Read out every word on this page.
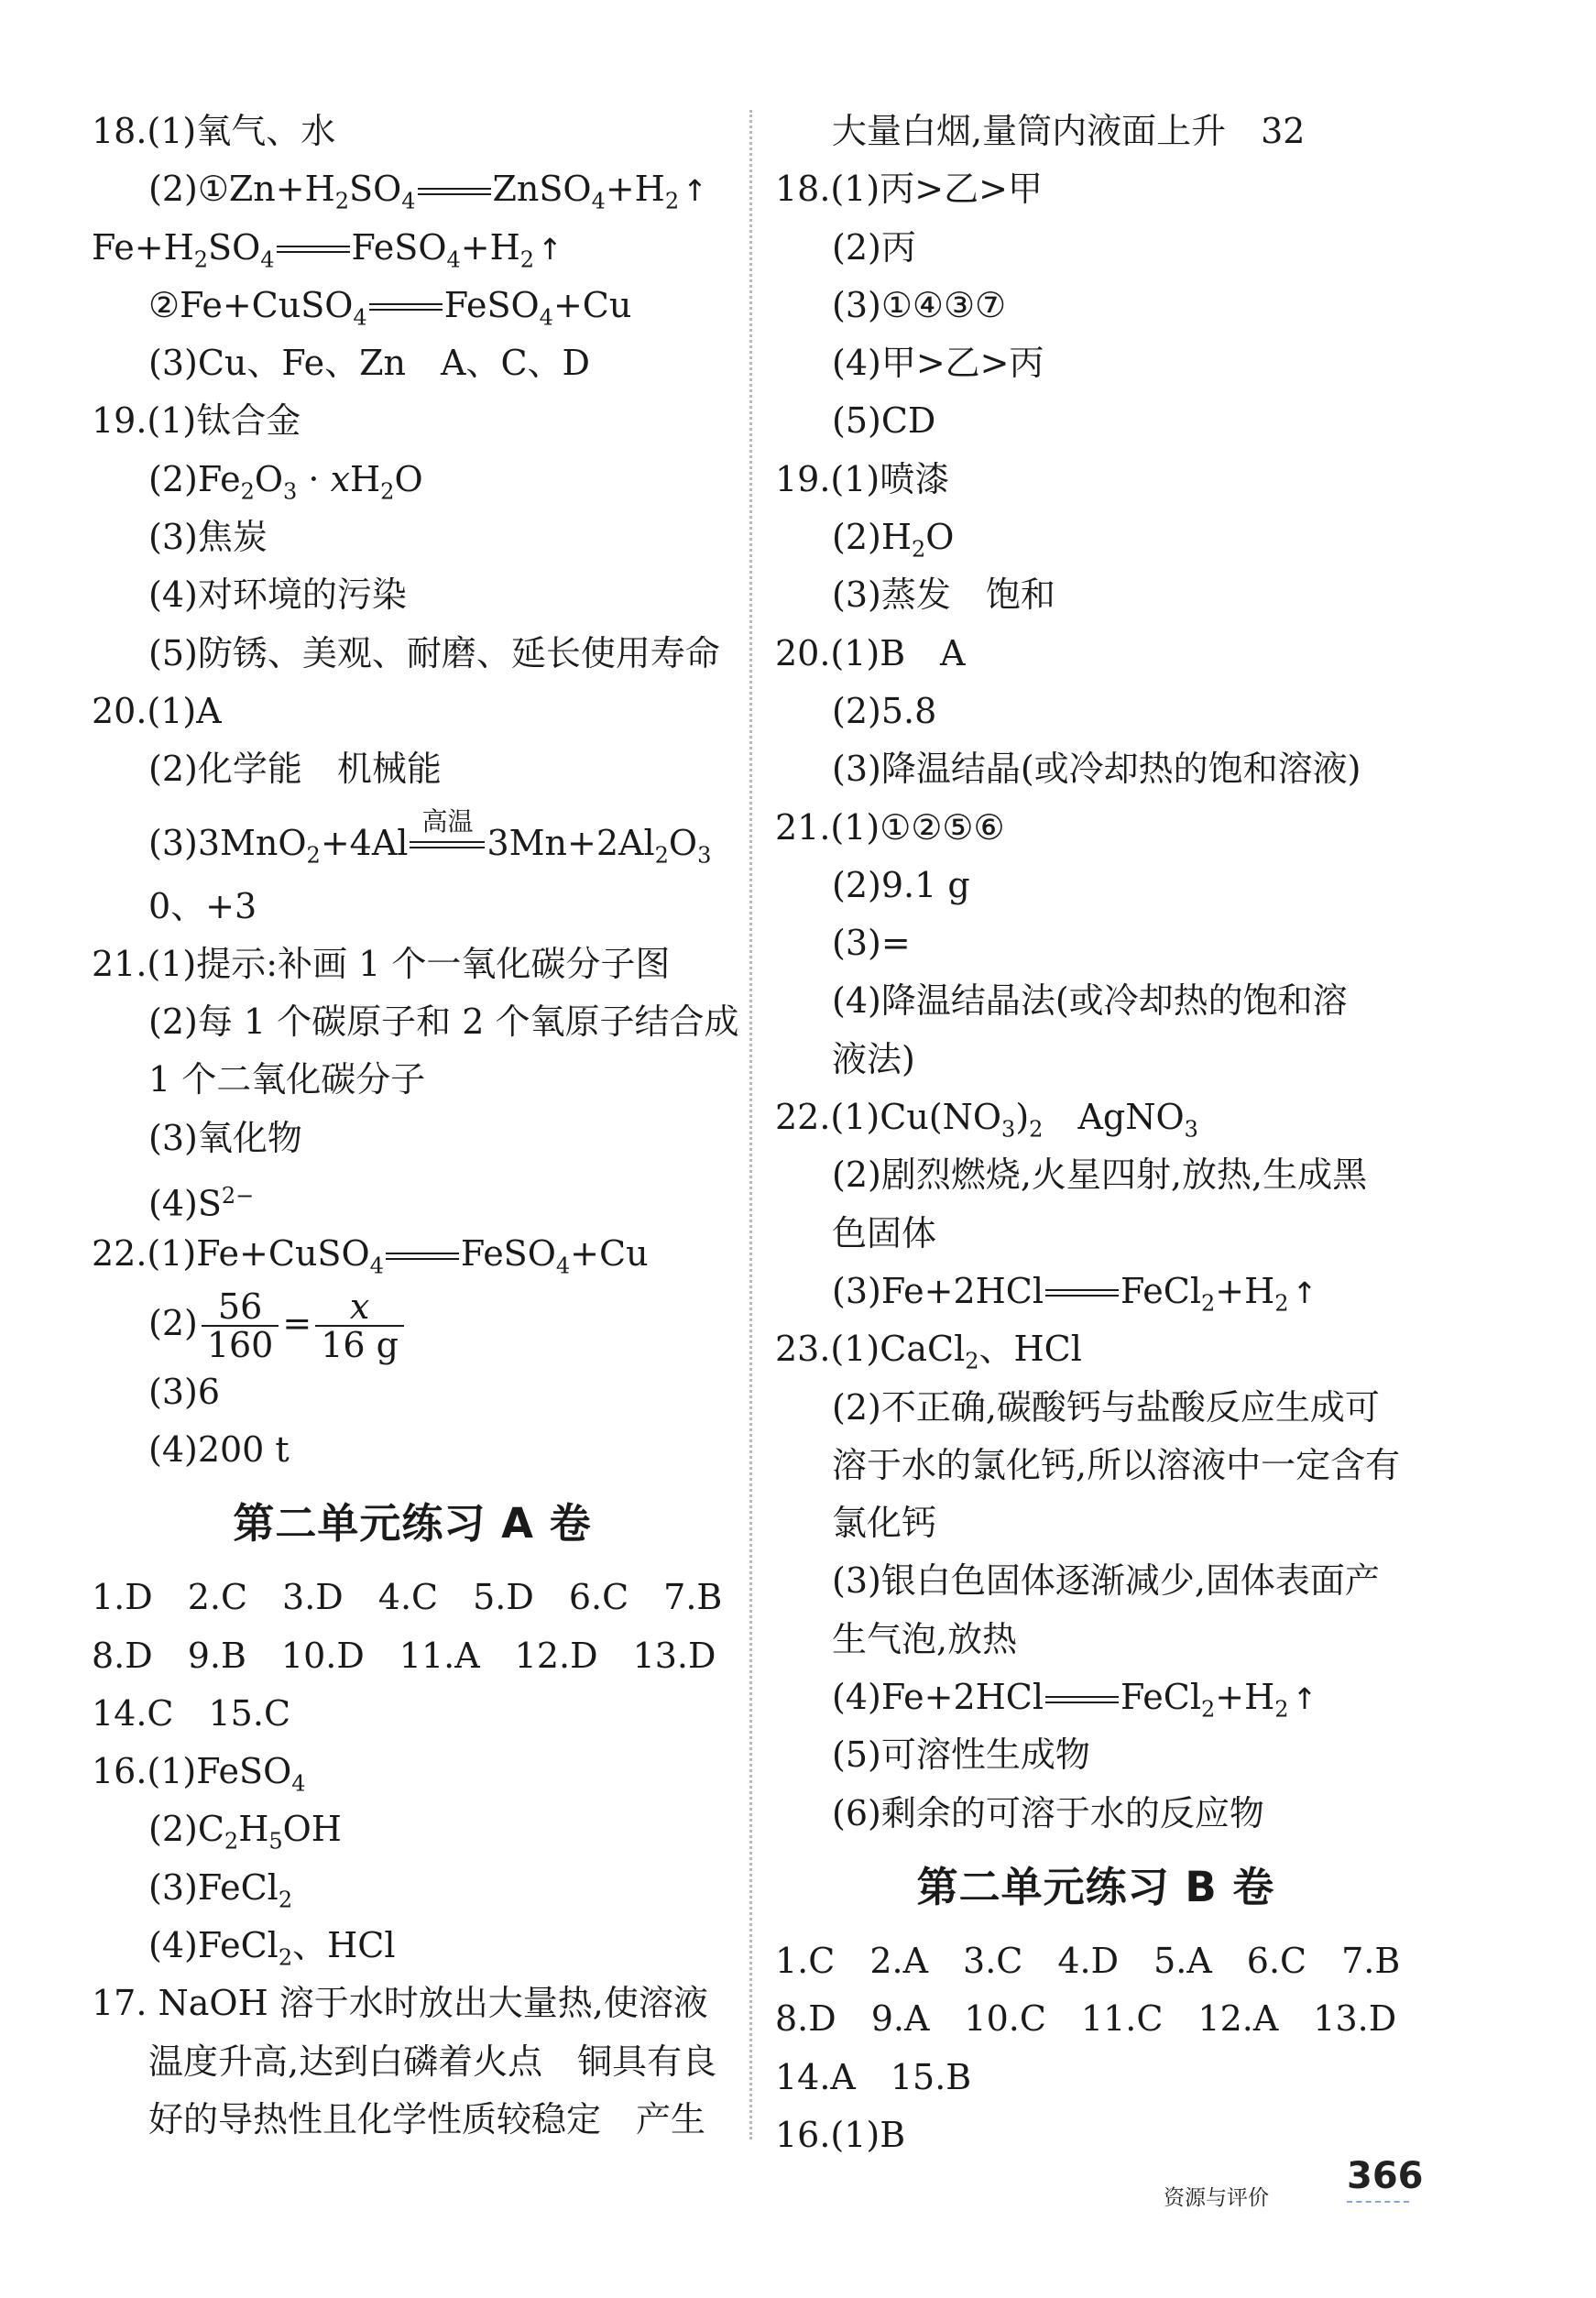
18.(1)氧气、水
$(2)①Zn+H_2SO_4$ $ZnSO_4+H_2$ ↑
$Fe+H_2SO_4$ $FeSO_4+H_2$ ↑
②Fe+CuSO$_4$ FeSO$_4$+Cu
(3)Cu、Fe、Zn　A、C、D
19.(1)钛合金
$(2)Fe_2O_3 \cdot xH_2O$
(3)焦炭
(4)对环境的污染
(5)防锈、美观、耐磨、延长使用寿命
20.(1)A
(2)化学能　机械能
(3)3MnO$_2$+4Al
高温
$3Mn+2Al_2O_3$
0、+3
21.(1)提示:补画 1 个一氧化碳分子图
(2)每 1 个碳原子和 2 个氧原子结合成
1 个二氧化碳分子
(3)氧化物
$(4)S^{2-}$
22.(1)Fe+CuSO$_4$ FeSO$_4$+Cu
$(2) \frac{56}{160} = \frac{x}{16 g}$
(3)6
(4)200 t
第二单元练习 A 卷
1.D　2.C　3.D　4.C　5.D　6.C　7.B
8.D　9.B　10.D　11.A　12.D　13.D
14.C　15.C
16.(1)FeSO$_4$
$(2)C_2H_5OH$
(3)FeCl$_2$
(4)FeCl$_2$、HCl
17. NaOH 溶于水时放出大量热,使溶液
温度升高,达到白磷着火点　铜具有良
好的导热性且化学性质较稳定　产生
大量白烟,量筒内液面上升　32
18.(1)丙>乙>甲
(2)丙
(3)①④③⑦
(4)甲>乙>丙
(5)CD
19.(1)喷漆
$(2)H_2O$
(3)蒸发　饱和
20.(1)B　A
(2)5.8
(3)降温结晶(或冷却热的饱和溶液)
21.(1)①②⑤⑥
(2)9.1 g
(3)=
(4)降温结晶法(或冷却热的饱和溶
液法)
$22.(1)Cu(NO_3)_2$　AgNO$_3$
(2)剧烈燃烧,火星四射,放热,生成黑
色固体
(3)Fe+2HCl $FeCl_2+H_2$ ↑
23.(1)CaCl$_2$、HCl
(2)不正确,碳酸钙与盐酸反应生成可
溶于水的氯化钙,所以溶液中一定含有
氯化钙
(3)银白色固体逐渐减少,固体表面产
生气泡,放热
(4)Fe+2HCl $FeCl_2+H_2$ ↑
(5)可溶性生成物
(6)剩余的可溶于水的反应物
第二单元练习 B 卷
1.C　2.A　3.C　4.D　5.A　6.C　7.B
8.D　9.A　10.C　11.C　12.A　13.D
14.A　15.B
16.(1)B
资源与评价
366
